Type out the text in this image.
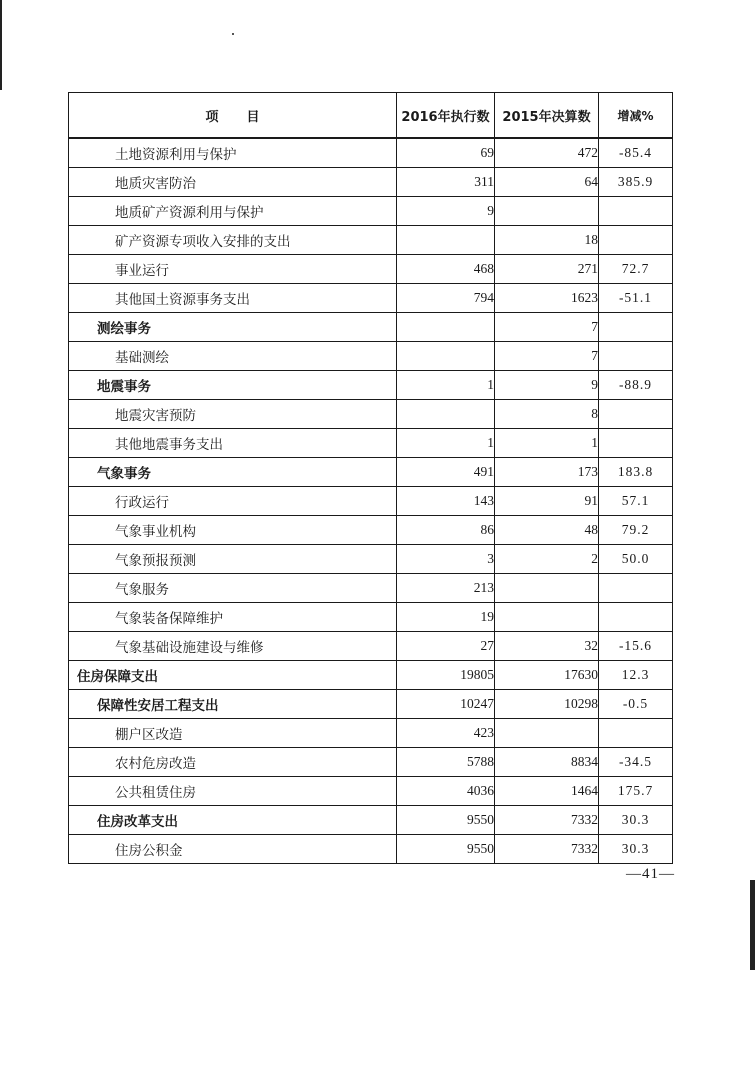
项目	2016年执行数	2015年决算数	增减%
土地资源利用与保护	69	472	-85.4
地质灾害防治	311	64	385.9
地质矿产资源利用与保护	9		
矿产资源专项收入安排的支出		18	
事业运行	468	271	72.7
其他国土资源事务支出	794	1623	-51.1
测绘事务		7	
基础测绘		7	
地震事务	1	9	-88.9
地震灾害预防		8	
其他地震事务支出	1	1	
气象事务	491	173	183.8
行政运行	143	91	57.1
气象事业机构	86	48	79.2
气象预报预测	3	2	50.0
气象服务	213		
气象装备保障维护	19		
气象基础设施建设与维修	27	32	-15.6
住房保障支出	19805	17630	12.3
保障性安居工程支出	10247	10298	-0.5
棚户区改造	423		
农村危房改造	5788	8834	-34.5
公共租赁住房	4036	1464	175.7
住房改革支出	9550	7332	30.3
住房公积金	9550	7332	30.3
—41—
